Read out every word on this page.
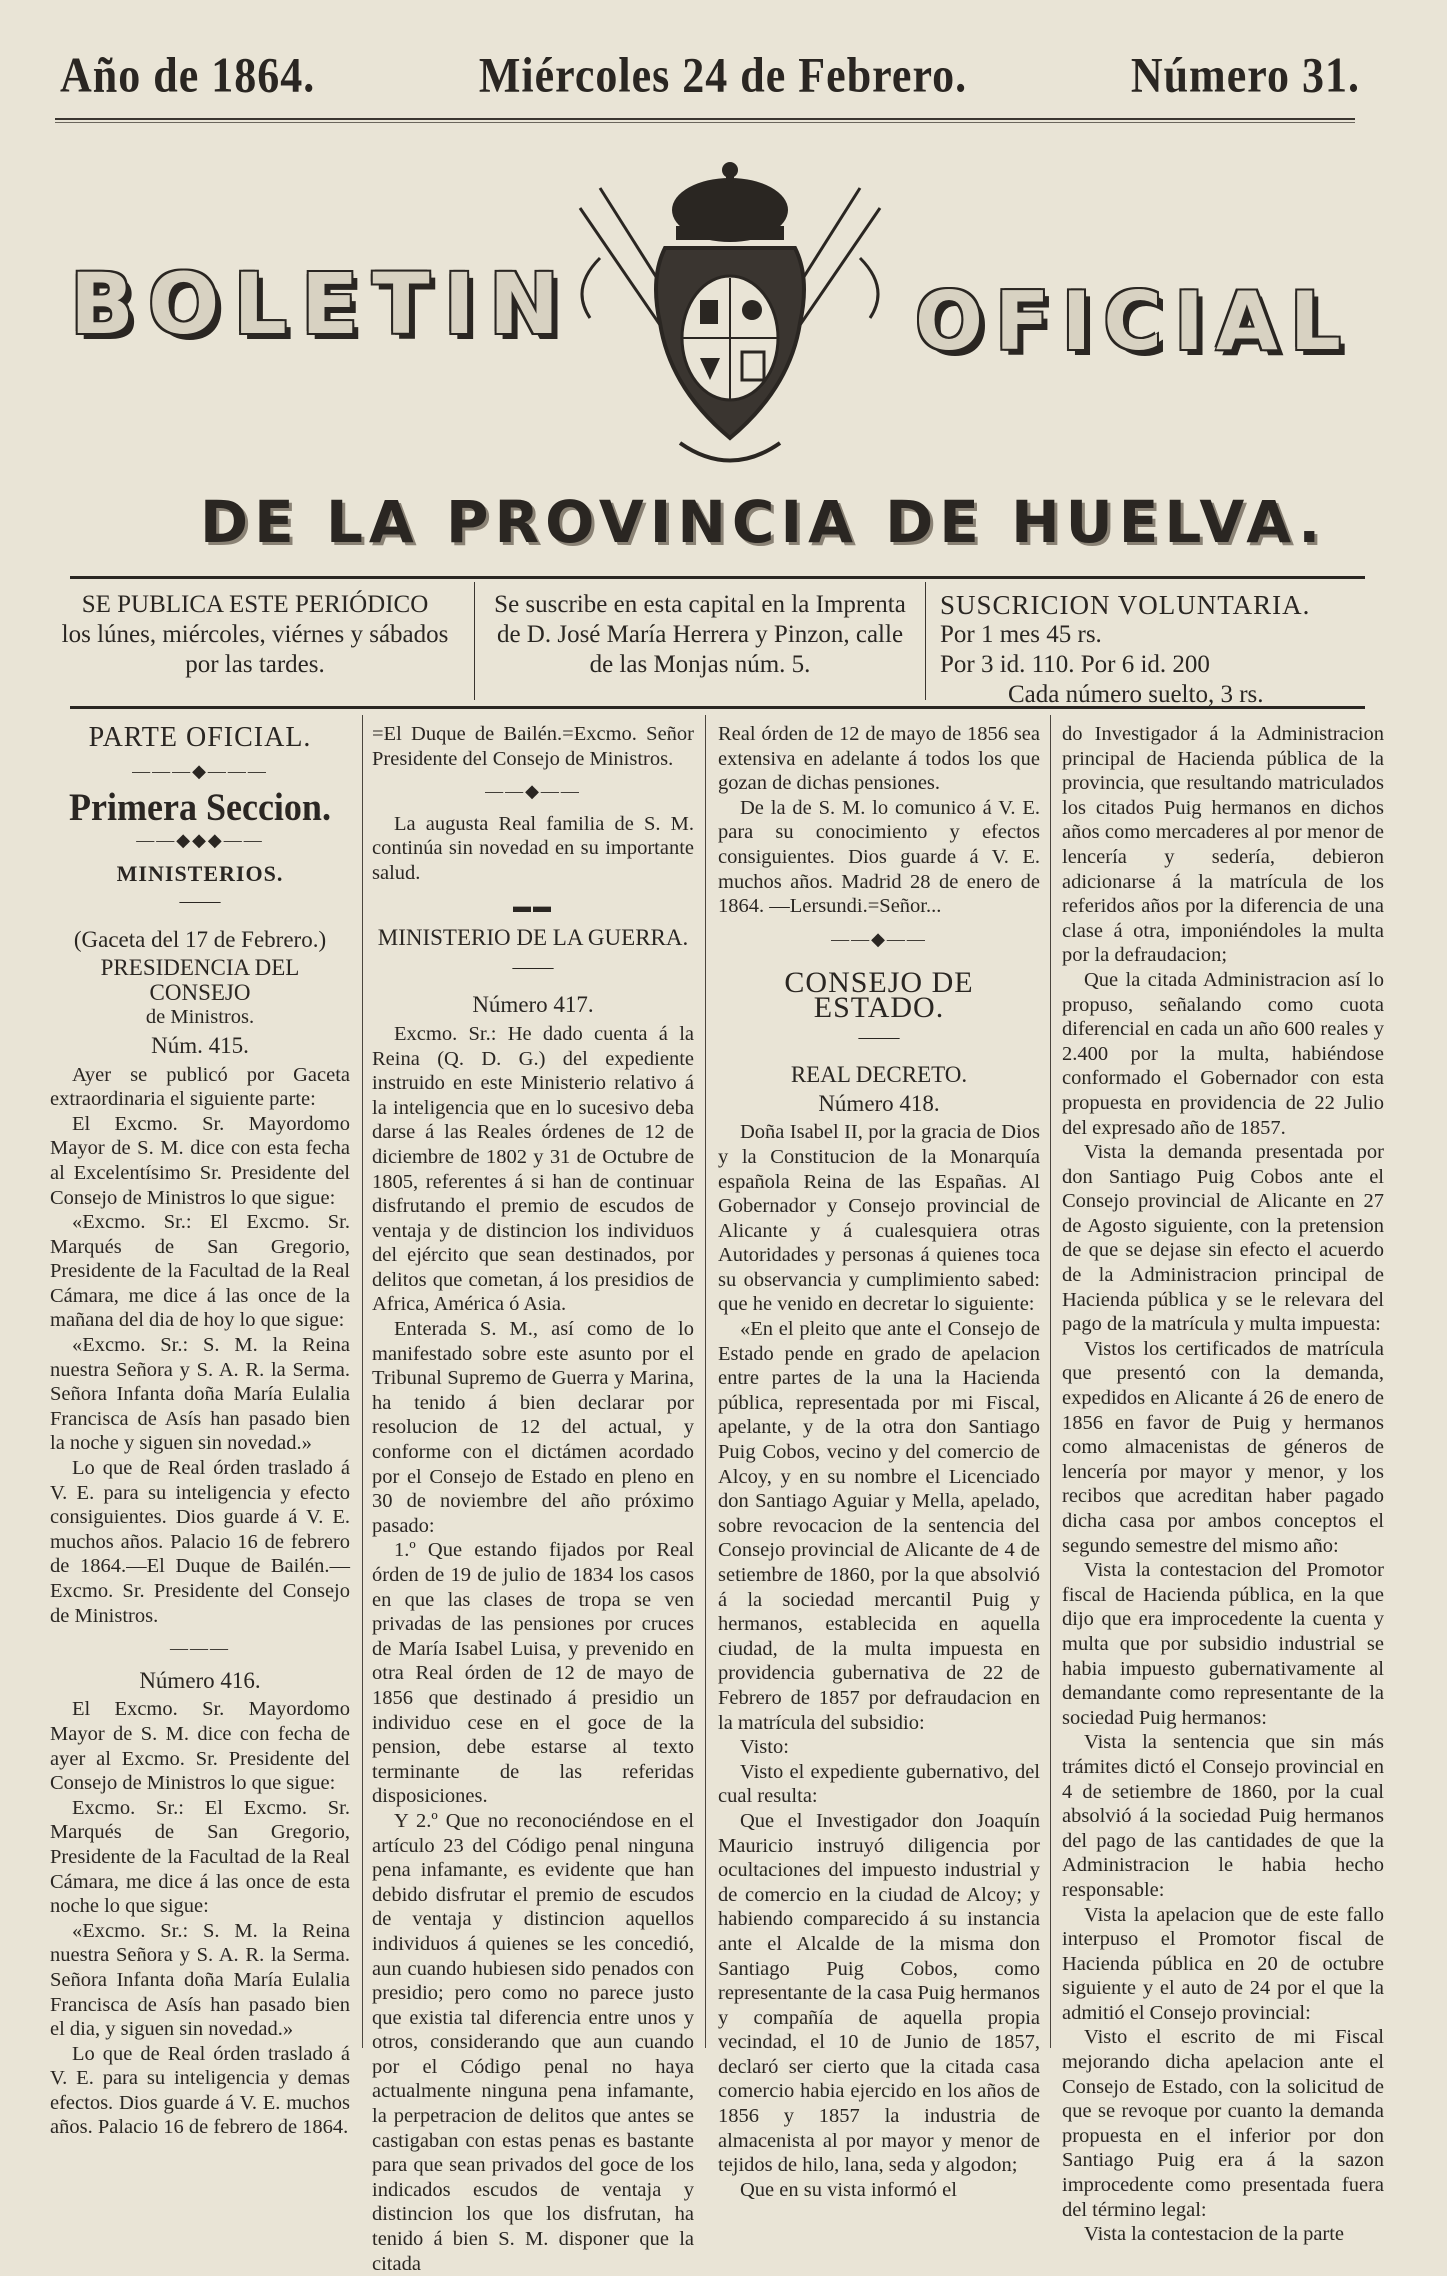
Año de 1864.	Miércoles 24 de Febrero.	Número 31.
BOLETIN	OFICIAL
DE LA PROVINCIA DE HUELVA.
SE PUBLICA ESTE PERIÓDICO
los lúnes, miércoles, viérnes y sábados
por las tardes.
Se suscribe en esta capital en la Imprenta
de D. José María Herrera y Pinzon, calle
de las Monjas núm. 5.
SUSCRICION VOLUNTARIA.
Por 1 mes 45 rs.
Por 3 id. 110. Por 6 id. 200
Cada número suelto, 3 rs.

PARTE OFICIAL.

———◆———

Primera Seccion.

——◆◆◆——

MINISTERIOS.

——

(Gaceta del 17 de Febrero.)

PRESIDENCIA DEL CONSEJO

de Ministros.

Núm. 415.

Ayer se publicó por Gaceta extraordinaria el siguiente parte:

El Excmo. Sr. Mayordomo Mayor de S. M. dice con esta fecha al Excelentísimo Sr. Presidente del Consejo de Ministros lo que sigue:

«Excmo. Sr.: El Excmo. Sr. Marqués de San Gregorio, Presidente de la Facultad de la Real Cámara, me dice á las once de la mañana del dia de hoy lo que sigue:

«Excmo. Sr.: S. M. la Reina nuestra Señora y S. A. R. la Serma. Señora Infanta doña María Eulalia Francisca de Asís han pasado bien la noche y siguen sin novedad.»

Lo que de Real órden traslado á V. E. para su inteligencia y efecto consiguientes. Dios guarde á V. E. muchos años. Palacio 16 de febrero de 1864.—El Duque de Bailén.—Excmo. Sr. Presidente del Consejo de Ministros.

———

Número 416.

El Excmo. Sr. Mayordomo Mayor de S. M. dice con fecha de ayer al Excmo. Sr. Presidente del Consejo de Ministros lo que sigue:

Excmo. Sr.: El Excmo. Sr. Marqués de San Gregorio, Presidente de la Facultad de la Real Cámara, me dice á las once de esta noche lo que sigue:

«Excmo. Sr.: S. M. la Reina nuestra Señora y S. A. R. la Serma. Señora Infanta doña María Eulalia Francisca de Asís han pasado bien el dia, y siguen sin novedad.»

Lo que de Real órden traslado á V. E. para su inteligencia y demas efectos. Dios guarde á V. E. muchos años. Palacio 16 de febrero de 1864.

=El Duque de Bailén.=Excmo. Señor Presidente del Consejo de Ministros.

——◆——

La augusta Real familia de S. M. continúa sin novedad en su importante salud.

▬▬

MINISTERIO DE LA GUERRA.

——

Número 417.

Excmo. Sr.: He dado cuenta á la Reina (Q. D. G.) del expediente instruido en este Ministerio relativo á la inteligencia que en lo sucesivo deba darse á las Reales órdenes de 12 de diciembre de 1802 y 31 de Octubre de 1805, referentes á si han de continuar disfrutando el premio de escudos de ventaja y de distincion los individuos del ejército que sean destinados, por delitos que cometan, á los presidios de Africa, América ó Asia.

Enterada S. M., así como de lo manifestado sobre este asunto por el Tribunal Supremo de Guerra y Marina, ha tenido á bien declarar por resolucion de 12 del actual, y conforme con el dictámen acordado por el Consejo de Estado en pleno en 30 de noviembre del año próximo pasado:

1.º Que estando fijados por Real órden de 19 de julio de 1834 los casos en que las clases de tropa se ven privadas de las pensiones por cruces de María Isabel Luisa, y prevenido en otra Real órden de 12 de mayo de 1856 que destinado á presidio un individuo cese en el goce de la pension, debe estarse al texto terminante de las referidas disposiciones.

Y 2.º Que no reconociéndose en el artículo 23 del Código penal ninguna pena infamante, es evidente que han debido disfrutar el premio de escudos de ventaja y distincion aquellos individuos á quienes se les concedió, aun cuando hubiesen sido penados con presidio; pero como no parece justo que existia tal diferencia entre unos y otros, considerando que aun cuando por el Código penal no haya actualmente ninguna pena infamante, la perpetracion de delitos que antes se castigaban con estas penas es bastante para que sean privados del goce de los indicados escudos de ventaja y distincion los que los disfrutan, ha tenido á bien S. M. disponer que la citada

Real órden de 12 de mayo de 1856 sea extensiva en adelante á todos los que gozan de dichas pensiones.

De la de S. M. lo comunico á V. E. para su conocimiento y efectos consiguientes. Dios guarde á V. E. muchos años. Madrid 28 de enero de 1864. —Lersundi.=Señor...

——◆——

CONSEJO DE ESTADO.

——

REAL DECRETO.

Número 418.

Doña Isabel II, por la gracia de Dios y la Constitucion de la Monarquía española Reina de las Españas. Al Gobernador y Consejo provincial de Alicante y á cualesquiera otras Autoridades y personas á quienes toca su observancia y cumplimiento sabed: que he venido en decretar lo siguiente:

«En el pleito que ante el Consejo de Estado pende en grado de apelacion entre partes de la una la Hacienda pública, representada por mi Fiscal, apelante, y de la otra don Santiago Puig Cobos, vecino y del comercio de Alcoy, y en su nombre el Licenciado don Santiago Aguiar y Mella, apelado, sobre revocacion de la sentencia del Consejo provincial de Alicante de 4 de setiembre de 1860, por la que absolvió á la sociedad mercantil Puig y hermanos, establecida en aquella ciudad, de la multa impuesta en providencia gubernativa de 22 de Febrero de 1857 por defraudacion en la matrícula del subsidio:

Visto:

Visto el expediente gubernativo, del cual resulta:

Que el Investigador don Joaquín Mauricio instruyó diligencia por ocultaciones del impuesto industrial y de comercio en la ciudad de Alcoy; y habiendo comparecido á su instancia ante el Alcalde de la misma don Santiago Puig Cobos, como representante de la casa Puig hermanos y compañía de aquella propia vecindad, el 10 de Junio de 1857, declaró ser cierto que la citada casa comercio habia ejercido en los años de 1856 y 1857 la industria de almacenista al por mayor y menor de tejidos de hilo, lana, seda y algodon;

Que en su vista informó el

do Investigador á la Administracion principal de Hacienda pública de la provincia, que resultando matriculados los citados Puig hermanos en dichos años como mercaderes al por menor de lencería y sedería, debieron adicionarse á la matrícula de los referidos años por la diferencia de una clase á otra, imponiéndoles la multa por la defraudacion;

Que la citada Administracion así lo propuso, señalando como cuota diferencial en cada un año 600 reales y 2.400 por la multa, habiéndose conformado el Gobernador con esta propuesta en providencia de 22 Julio del expresado año de 1857.

Vista la demanda presentada por don Santiago Puig Cobos ante el Consejo provincial de Alicante en 27 de Agosto siguiente, con la pretension de que se dejase sin efecto el acuerdo de la Administracion principal de Hacienda pública y se le relevara del pago de la matrícula y multa impuesta:

Vistos los certificados de matrícula que presentó con la demanda, expedidos en Alicante á 26 de enero de 1856 en favor de Puig y hermanos como almacenistas de géneros de lencería por mayor y menor, y los recibos que acreditan haber pagado dicha casa por ambos conceptos el segundo semestre del mismo año:

Vista la contestacion del Promotor fiscal de Hacienda pública, en la que dijo que era improcedente la cuenta y multa que por subsidio industrial se habia impuesto gubernativamente al demandante como representante de la sociedad Puig hermanos:

Vista la sentencia que sin más trámites dictó el Consejo provincial en 4 de setiembre de 1860, por la cual absolvió á la sociedad Puig hermanos del pago de las cantidades de que la Administracion le habia hecho responsable:

Vista la apelacion que de este fallo interpuso el Promotor fiscal de Hacienda pública en 20 de octubre siguiente y el auto de 24 por el que la admitió el Consejo provincial:

Visto el escrito de mi Fiscal mejorando dicha apelacion ante el Consejo de Estado, con la solicitud de que se revoque por cuanto la demanda propuesta en el inferior por don Santiago Puig era á la sazon improcedente como presentada fuera del término legal:

Vista la contestacion de la parte
